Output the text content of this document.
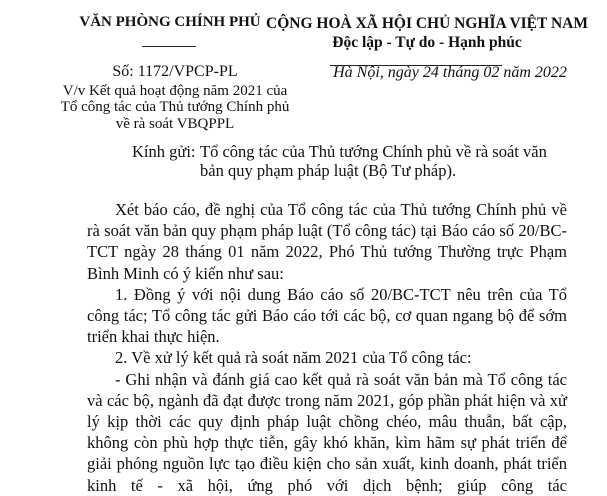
VĂN PHÒNG CHÍNH PHỦ CỘNG HOÀ XÃ HỘI CHỦ NGHĨA VIỆT NAM
Độc lập - Tự do - Hạnh phúc
Số: 1172/VPCP-PL
V/v Kết quả hoạt động năm 2021 của Tổ công tác của Thủ tướng Chính phủ về rà soát VBQPPL
Hà Nội, ngày 24 tháng 02 năm 2022
Kính gửi: Tổ công tác của Thủ tướng Chính phủ về rà soát văn bản quy phạm pháp luật (Bộ Tư pháp).

Xét báo cáo, đề nghị của Tổ công tác của Thủ tướng Chính phủ về rà soát văn bản quy phạm pháp luật (Tổ công tác) tại Báo cáo số 20/BC-TCT ngày 28 tháng 01 năm 2022, Phó Thủ tướng Thường trực Phạm Bình Minh có ý kiến như sau:

1. Đồng ý với nội dung Báo cáo số 20/BC-TCT nêu trên của Tổ công tác; Tổ công tác gửi Báo cáo tới các bộ, cơ quan ngang bộ để sớm triển khai thực hiện.

2. Về xử lý kết quả rà soát năm 2021 của Tổ công tác:

- Ghi nhận và đánh giá cao kết quả rà soát văn bản mà Tổ công tác và các bộ, ngành đã đạt được trong năm 2021, góp phần phát hiện và xử lý kịp thời các quy định pháp luật chồng chéo, mâu thuẫn, bất cập, không còn phù hợp thực tiễn, gây khó khăn, kìm hãm sự phát triển để giải phóng nguồn lực tạo điều kiện cho sản xuất, kinh doanh, phát triển kinh tế - xã hội, ứng phó với dịch bệnh; giúp công tác
